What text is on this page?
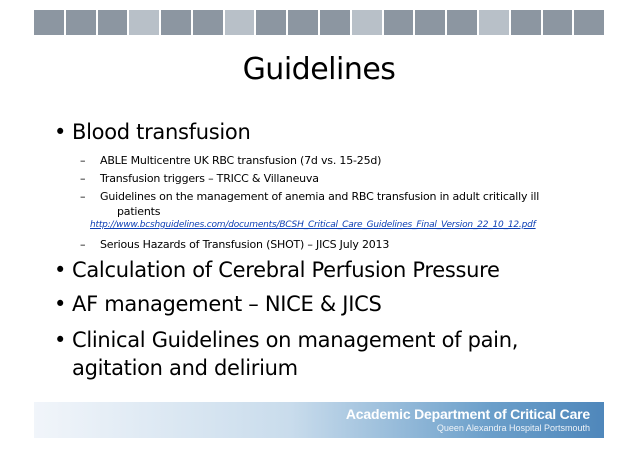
Guidelines
• Blood transfusion
– ABLE Multicentre UK RBC transfusion (7d vs. 15-25d)
– Transfusion triggers – TRICC & Villaneuva
– Guidelines on the management of anemia and RBC transfusion in adult critically ill
patients
http://www.bcshguidelines.com/documents/BCSH_Critical_Care_Guidelines_Final_Version_22_10_12.pdf
– Serious Hazards of Transfusion (SHOT) – JICS July 2013
• Calculation of Cerebral Perfusion Pressure
• AF management – NICE & JICS
• Clinical Guidelines on management of pain,
agitation and delirium
Academic Department of Critical Care
Queen Alexandra Hospital Portsmouth
